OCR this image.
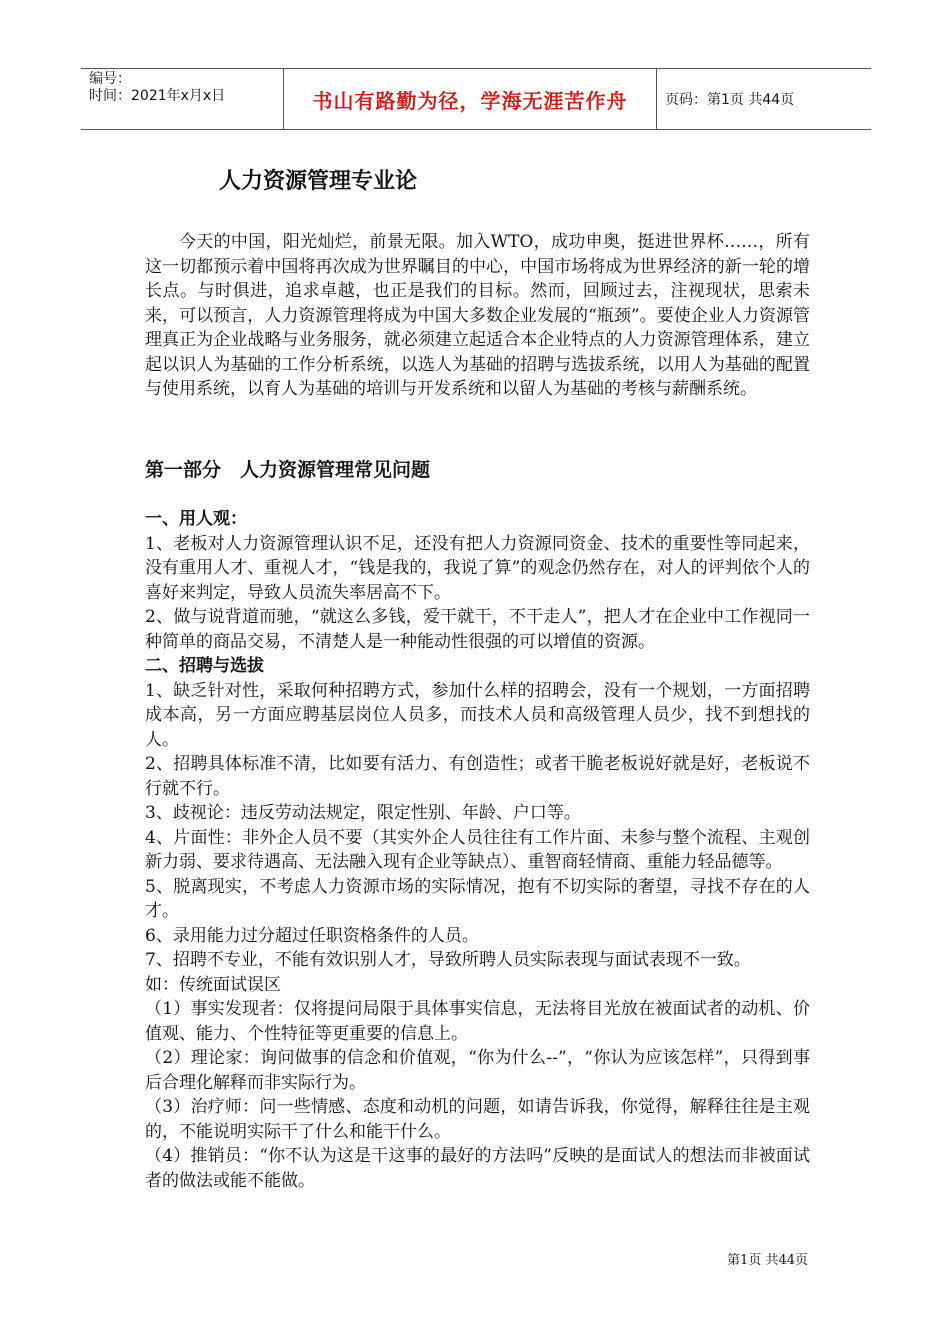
编号：
时间：2021年x月x日	书山有路勤为径，学海无涯苦作舟	页码：第1页 共44页
人力资源管理专业论
今天的中国，阳光灿烂，前景无限。加入WTO，成功申奥，挺进世界杯……，所有这一切都预示着中国将再次成为世界瞩目的中心，中国市场将成为世界经济的新一轮的增长点。与时俱进，追求卓越，也正是我们的目标。然而，回顾过去，注视现状，思索未来，可以预言，人力资源管理将成为中国大多数企业发展的“瓶颈”。要使企业人力资源管理真正为企业战略与业务服务，就必须建立起适合本企业特点的人力资源管理体系，建立起以识人为基础的工作分析系统，以选人为基础的招聘与选拔系统，以用人为基础的配置与使用系统，以育人为基础的培训与开发系统和以留人为基础的考核与薪酬系统。
第一部分　人力资源管理常见问题

一、用人观：

1、老板对人力资源管理认识不足，还没有把人力资源同资金、技术的重要性等同起来，没有重用人才、重视人才，“钱是我的，我说了算”的观念仍然存在，对人的评判依个人的喜好来判定，导致人员流失率居高不下。

2、做与说背道而驰，“就这么多钱，爱干就干，不干走人”，把人才在企业中工作视同一种简单的商品交易，不清楚人是一种能动性很强的可以增值的资源。

二、招聘与选拔

1、缺乏针对性，采取何种招聘方式，参加什么样的招聘会，没有一个规划，一方面招聘成本高，另一方面应聘基层岗位人员多，而技术人员和高级管理人员少，找不到想找的人。

2、招聘具体标准不清，比如要有活力、有创造性；或者干脆老板说好就是好，老板说不行就不行。

3、歧视论：违反劳动法规定，限定性别、年龄、户口等。

4、片面性：非外企人员不要（其实外企人员往往有工作片面、未参与整个流程、主观创新力弱、要求待遇高、无法融入现有企业等缺点）、重智商轻情商、重能力轻品德等。

5、脱离现实，不考虑人力资源市场的实际情况，抱有不切实际的奢望，寻找不存在的人才。

6、录用能力过分超过任职资格条件的人员。

7、招聘不专业，不能有效识别人才，导致所聘人员实际表现与面试表现不一致。

如：传统面试误区

（1）事实发现者：仅将提问局限于具体事实信息，无法将目光放在被面试者的动机、价值观、能力、个性特征等更重要的信息上。

（2）理论家：询问做事的信念和价值观，“你为什么--”，“你认为应该怎样”，只得到事后合理化解释而非实际行为。

（3）治疗师：问一些情感、态度和动机的问题，如请告诉我，你觉得，解释往往是主观的，不能说明实际干了什么和能干什么。

（4）推销员：“你不认为这是干这事的最好的方法吗”反映的是面试人的想法而非被面试者的做法或能不能做。

第1页 共44页
